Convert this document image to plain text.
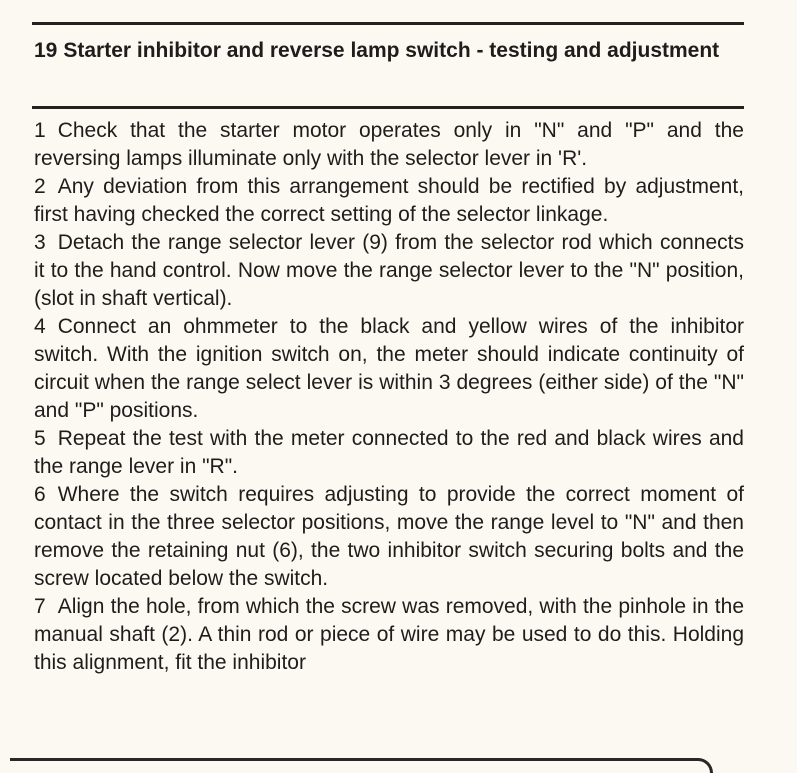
19 Starter inhibitor and reverse lamp switch - testing and adjustment

1 Check that the starter motor operates only in "N" and "P" and the reversing lamps illuminate only with the selector lever in 'R'.

2 Any deviation from this arrangement should be rectified by adjustment, first having checked the correct setting of the selector linkage.

3 Detach the range selector lever (9) from the selector rod which connects it to the hand control. Now move the range selector lever to the "N" position, (slot in shaft vertical).

4 Connect an ohmmeter to the black and yellow wires of the inhibitor switch. With the ignition switch on, the meter should indicate continuity of circuit when the range select lever is within 3 degrees (either side) of the "N" and "P" positions.

5 Repeat the test with the meter connected to the red and black wires and the range lever in "R".

6 Where the switch requires adjusting to provide the correct moment of contact in the three selector positions, move the range level to "N" and then remove the retaining nut (6), the two inhibitor switch securing bolts and the screw located below the switch.

7 Align the hole, from which the screw was removed, with the pinhole in the manual shaft (2). A thin rod or piece of wire may be used to do this. Holding this alignment, fit the inhibitor
